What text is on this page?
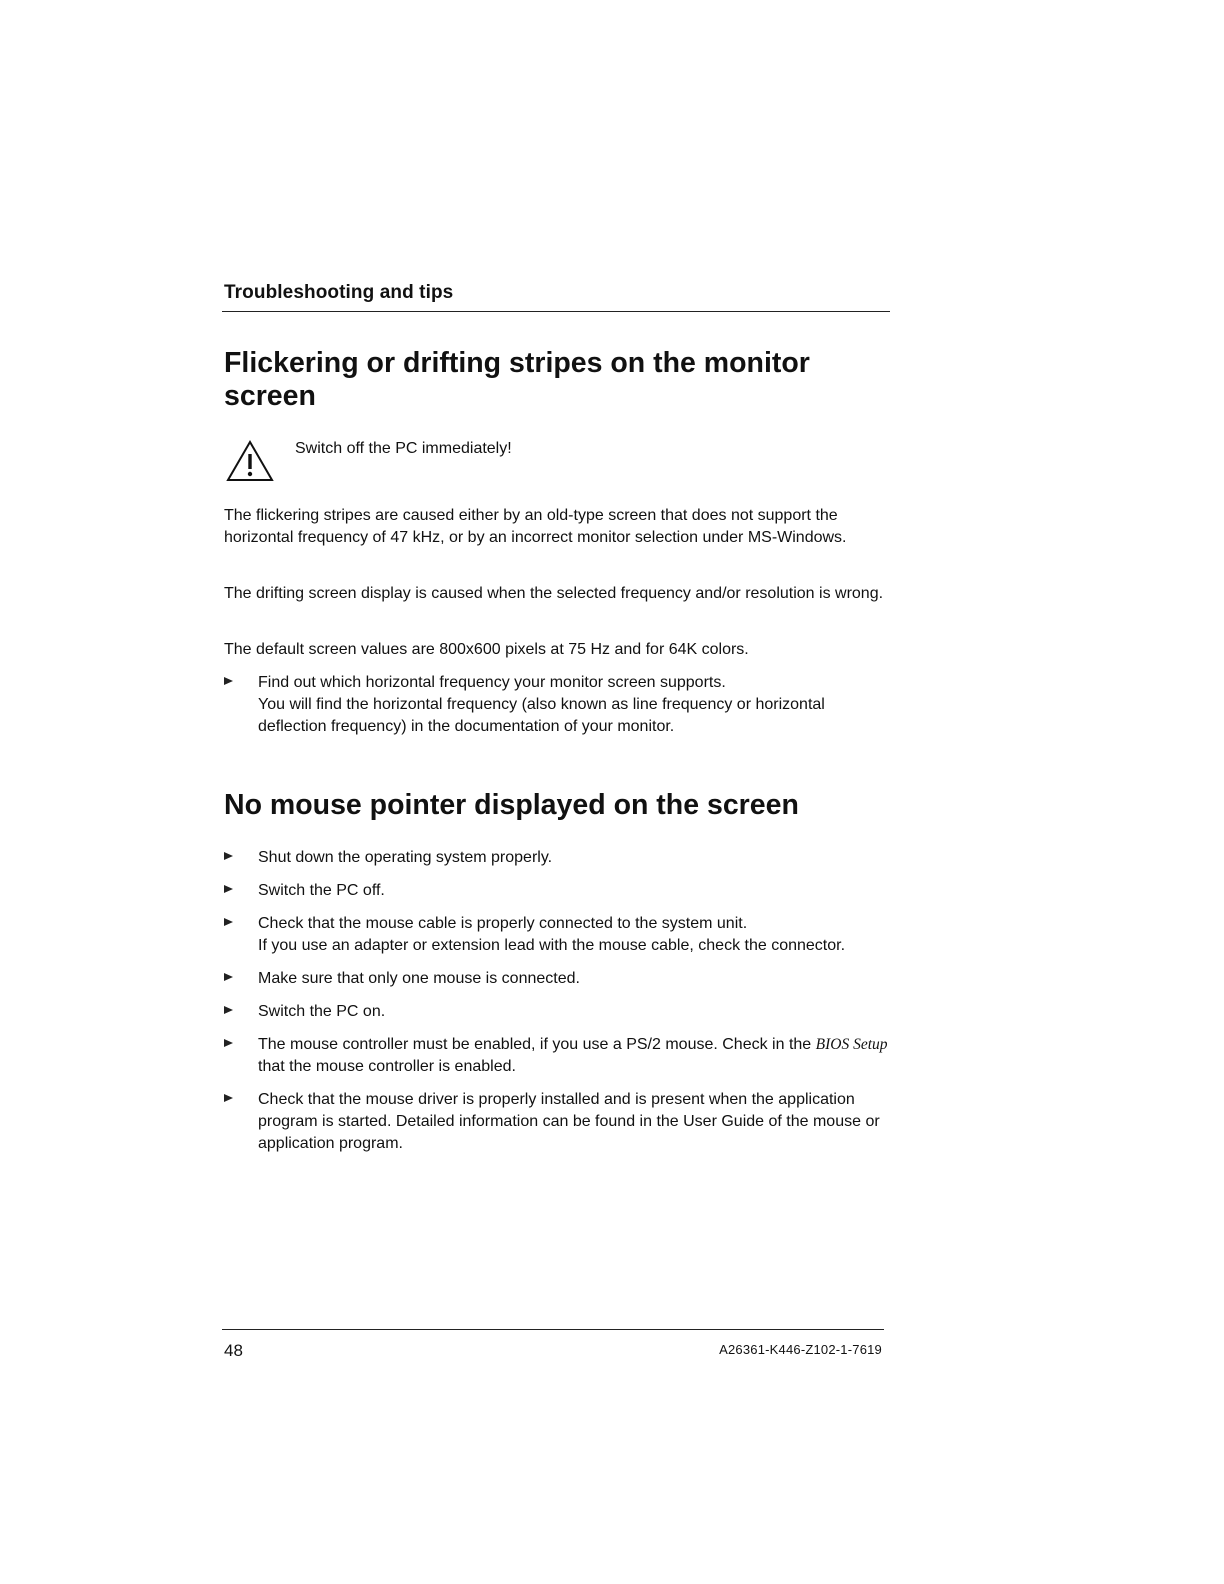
Troubleshooting and tips
Flickering or drifting stripes on the monitor screen
Switch off the PC immediately!

The flickering stripes are caused either by an old-type screen that does not support the horizontal frequency of 47 kHz, or by an incorrect monitor selection under MS-Windows.

The drifting screen display is caused when the selected frequency and/or resolution is wrong.

The default screen values are 800x600 pixels at 75 Hz and for 64K colors.

Find out which horizontal frequency your monitor screen supports.
You will find the horizontal frequency (also known as line frequency or horizontal deflection frequency) in the documentation of your monitor.
No mouse pointer displayed on the screen
Shut down the operating system properly.
Switch the PC off.
Check that the mouse cable is properly connected to the system unit.
If you use an adapter or extension lead with the mouse cable, check the connector.
Make sure that only one mouse is connected.
Switch the PC on.
The mouse controller must be enabled, if you use a PS/2 mouse. Check in the BIOS Setup that the mouse controller is enabled.
Check that the mouse driver is properly installed and is present when the application program is started. Detailed information can be found in the User Guide of the mouse or application program.
48	A26361-K446-Z102-1-7619
